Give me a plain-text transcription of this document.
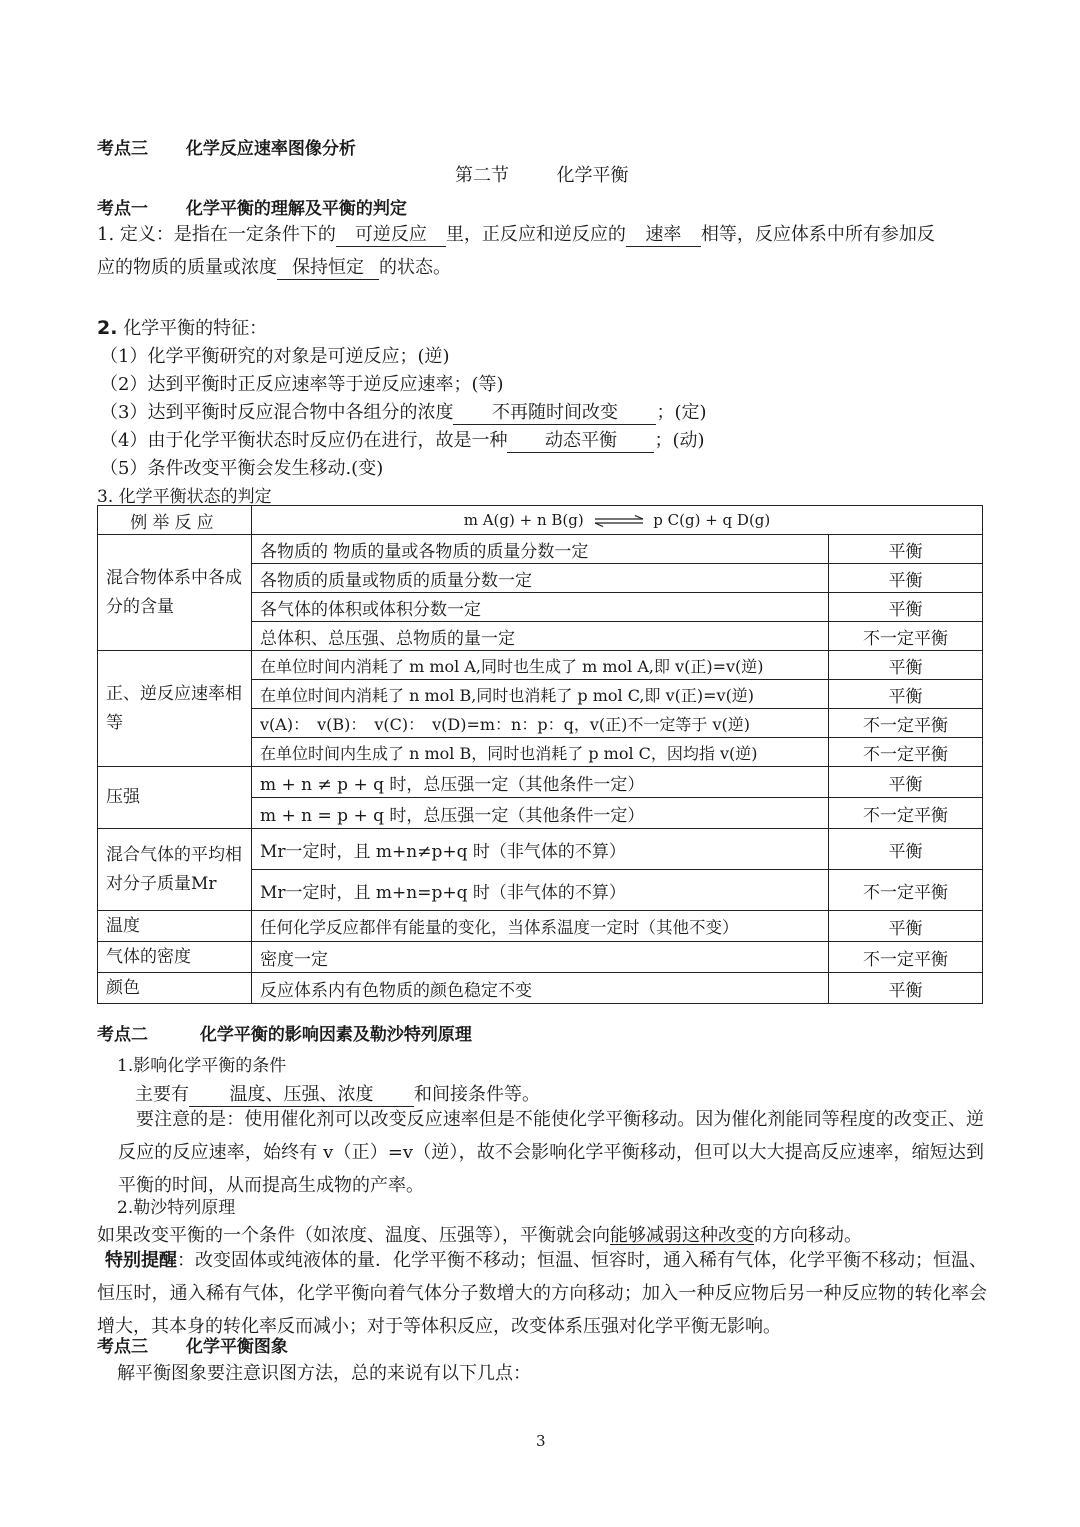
考点三 化学反应速率图像分析
第二节	化学平衡
考点一 化学平衡的理解及平衡的判定
1. 定义：是指在一定条件下的 可逆反应 里，正反应和逆反应的 速率 相等，反应体系中所有参加反
应的物质的质量或浓度 保持恒定 的状态。
2. 化学平衡的特征：
（1）化学平衡研究的对象是可逆反应；(逆)
（2）达到平衡时正反应速率等于逆反应速率；(等)
（3）达到平衡时反应混合物中各组分的浓度 不再随时间改变 ；(定)
（4）由于化学平衡状态时反应仍在进行，故是一种 动态平衡 ；(动)
（5）条件改变平衡会发生移动.(变)
3. 化学平衡状态的判定
例举反应	m A(g) + n B(g) ⇌ p C(g) + q D(g)	
混合物体系中各成分的含量	各物质的 物质的量或各物质的质量分数一定	平衡
	各物质的质量或物质的质量分数一定	平衡
	各气体的体积或体积分数一定	平衡
	总体积、总压强、总物质的量一定	不一定平衡
正、逆反应速率相等	在单位时间内消耗了 m mol A,同时也生成了 m mol A,即 v(正)=v(逆)	平衡
	在单位时间内消耗了 n mol B,同时也消耗了 p mol C,即 v(正)=v(逆)	平衡
	v(A)：　v(B)：　v(C)：　v(D)=m：n：p：q，v(正)不一定等于 v(逆)	不一定平衡
	在单位时间内生成了 n mol B，同时也消耗了 p mol C，因均指 v(逆)	不一定平衡
压强	m + n ≠ p + q 时，总压强一定（其他条件一定）	平衡
	m + n = p + q 时，总压强一定（其他条件一定）	不一定平衡
混合气体的平均相对分子质量Mr	Mr一定时，且 m+n≠p+q 时（非气体的不算）	平衡
	Mr一定时，且 m+n=p+q 时（非气体的不算）	不一定平衡
温度	任何化学反应都伴有能量的变化，当体系温度一定时（其他不变）	平衡
气体的密度	密度一定	不一定平衡
颜色	反应体系内有色物质的颜色稳定不变	平衡
考点二	化学平衡的影响因素及勒沙特列原理
1.影响化学平衡的条件
主要有 温度、压强、浓度 和间接条件等。
要注意的是：使用催化剂可以改变反应速率但是不能使化学平衡移动。因为催化剂能同等程度的改变正、逆反应的反应速率，始终有 v（正）=v（逆），故不会影响化学平衡移动，但可以大大提高反应速率，缩短达到平衡的时间，从而提高生成物的产率。
2.勒沙特列原理
如果改变平衡的一个条件（如浓度、温度、压强等），平衡就会向能够减弱这种改变的方向移动。
特别提醒：改变固体或纯液体的量．化学平衡不移动；恒温、恒容时，通入稀有气体，化学平衡不移动；恒温、恒压时，通入稀有气体，化学平衡向着气体分子数增大的方向移动；加入一种反应物后另一种反应物的转化率会增大，其本身的转化率反而减小；对于等体积反应，改变体系压强对化学平衡无影响。
考点三 化学平衡图象
解平衡图象要注意识图方法，总的来说有以下几点：
3
